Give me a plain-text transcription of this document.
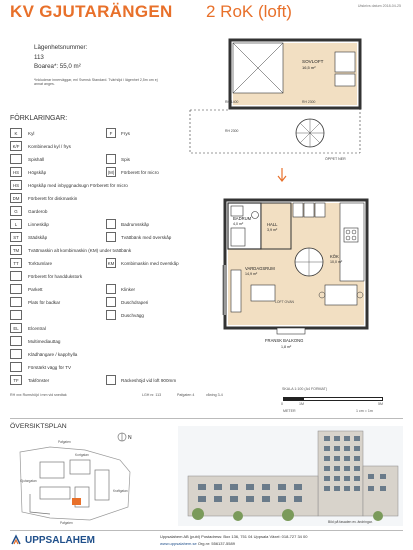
KV GJUTARÄNGEN 2 RoK (loft)	Utskrivs datum 2018-04-25
Lägenhetsnummer:
113
Boarea*: 55,0 m²
*Inkluderar innerväggar, enl Svensk Standard. Tvärhöjd i lägenhet 2,5m om ej annat anges.
FÖRKLARINGAR:
K	Kyl	F	Frys
K/F	Kombinerad kyl / frys
Spishäll	Spis
HS	Högskåp	(M)	Förberett för micro
HS	Högskåp med inbyggnadsugn Förberett för micro
DM	Förberett för diskmaskin
G	Garderob
L	Linneskåp	Badrumsskåp
ST	Städskåp	Tvättbänk med överskåp
TM	Tvättmaskin alt kombimaskin (KM) under tvättbänk
TT	Torktumlare	KM	Kombimaskin med överskåp
Förberett för handdukstork
Parkett	Klinker
Plats för badkar	Duschdraperi
Duschvägg
EL	Elcentral
Multimediauttag
Klädhängare / kapphylla
Förstärkt vägg för TV
TF	Takfönster	Räckeshöjd vid loft 900mm
RH xxx Rumshöjd i mm vid snedtak	LGH nr. 113	Pafgaten 4	våning 3-4
SKALA 1:100 (A4 FORMAT)
0	1M	5M
METER	1 cm = 1m
SOVLOFT
16,5 m²
RH 1400	RH 2300
RH 2300
ÖPPET NER
BADRUM
4,0 m²	HALL
3,9 m²
KÖK
10,0 m²
VARDAGSRUM
14,9 m²
LOFT OVAN
FRANSK BALKONG
1,8 m²
ÖVERSIKTSPLAN
N
Pafgaten
Kortgatan
Gjutargatan
Kraftgatan
Pafgaten	Bild på fasaden ev. ändringar.
UPPSALAHEM	Uppsalahem AB (publ) Postadress: Box 136, 751 04 Uppsala Växel: 018-727 34 00
www.uppsalahem.se Org.nr: 556137-5589
